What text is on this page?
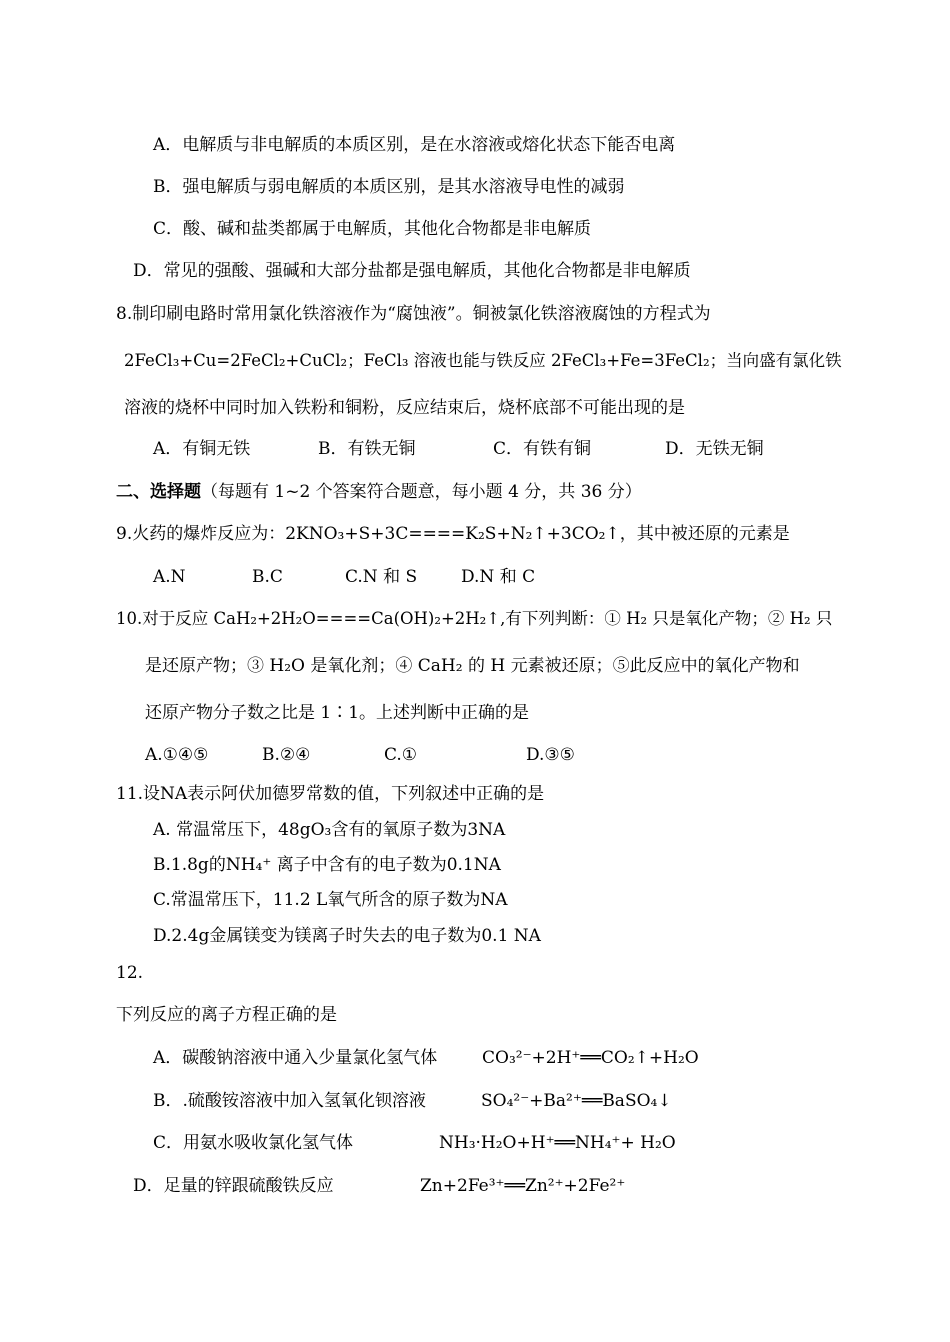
A．电解质与非电解质的本质区别，是在水溶液或熔化状态下能否电离
B．强电解质与弱电解质的本质区别，是其水溶液导电性的减弱
C．酸、碱和盐类都属于电解质，其他化合物都是非电解质
D．常见的强酸、强碱和大部分盐都是强电解质，其他化合物都是非电解质
8.制印刷电路时常用氯化铁溶液作为“腐蚀液”。铜被氯化铁溶液腐蚀的方程式为
2FeCl₃+Cu=2FeCl₂+CuCl₂；FeCl₃ 溶液也能与铁反应 2FeCl₃+Fe=3FeCl₂；当向盛有氯化铁
溶液的烧杯中同时加入铁粉和铜粉，反应结束后，烧杯底部不可能出现的是
A．有铜无铁	B．有铁无铜	C．有铁有铜	D．无铁无铜
二、选择题（每题有 1~2 个答案符合题意，每小题 4 分，共 36 分）
9.火药的爆炸反应为：2KNO₃+S+3C====K₂S+N₂↑+3CO₂↑，其中被还原的元素是
A.N	B.C	C.N 和 S	D.N 和 C
10.对于反应 CaH₂+2H₂O====Ca(OH)₂+2H₂↑,有下列判断：① H₂ 只是氧化产物；② H₂ 只
是还原产物；③ H₂O 是氧化剂；④ CaH₂ 的 H 元素被还原；⑤此反应中的氧化产物和
还原产物分子数之比是 1∶1。上述判断中正确的是
A.①④⑤	B.②④	C.①	D.③⑤
11.设NA表示阿伏加德罗常数的值，下列叙述中正确的是
A. 常温常压下，48gO₃含有的氧原子数为3NA
B.1.8g的NH₄⁺ 离子中含有的电子数为0.1NA
C.常温常压下，11.2 L氧气所含的原子数为NA
D.2.4g金属镁变为镁离子时失去的电子数为0.1 NA
12.
下列反应的离子方程正确的是
A．碳酸钠溶液中通入少量氯化氢气体	CO₃²⁻+2H⁺══CO₂↑+H₂O
B．.硫酸铵溶液中加入氢氧化钡溶液	SO₄²⁻+Ba²⁺══BaSO₄↓
C．用氨水吸收氯化氢气体	NH₃·H₂O+H⁺══NH₄⁺+ H₂O
D．足量的锌跟硫酸铁反应	Zn+2Fe³⁺══Zn²⁺+2Fe²⁺
